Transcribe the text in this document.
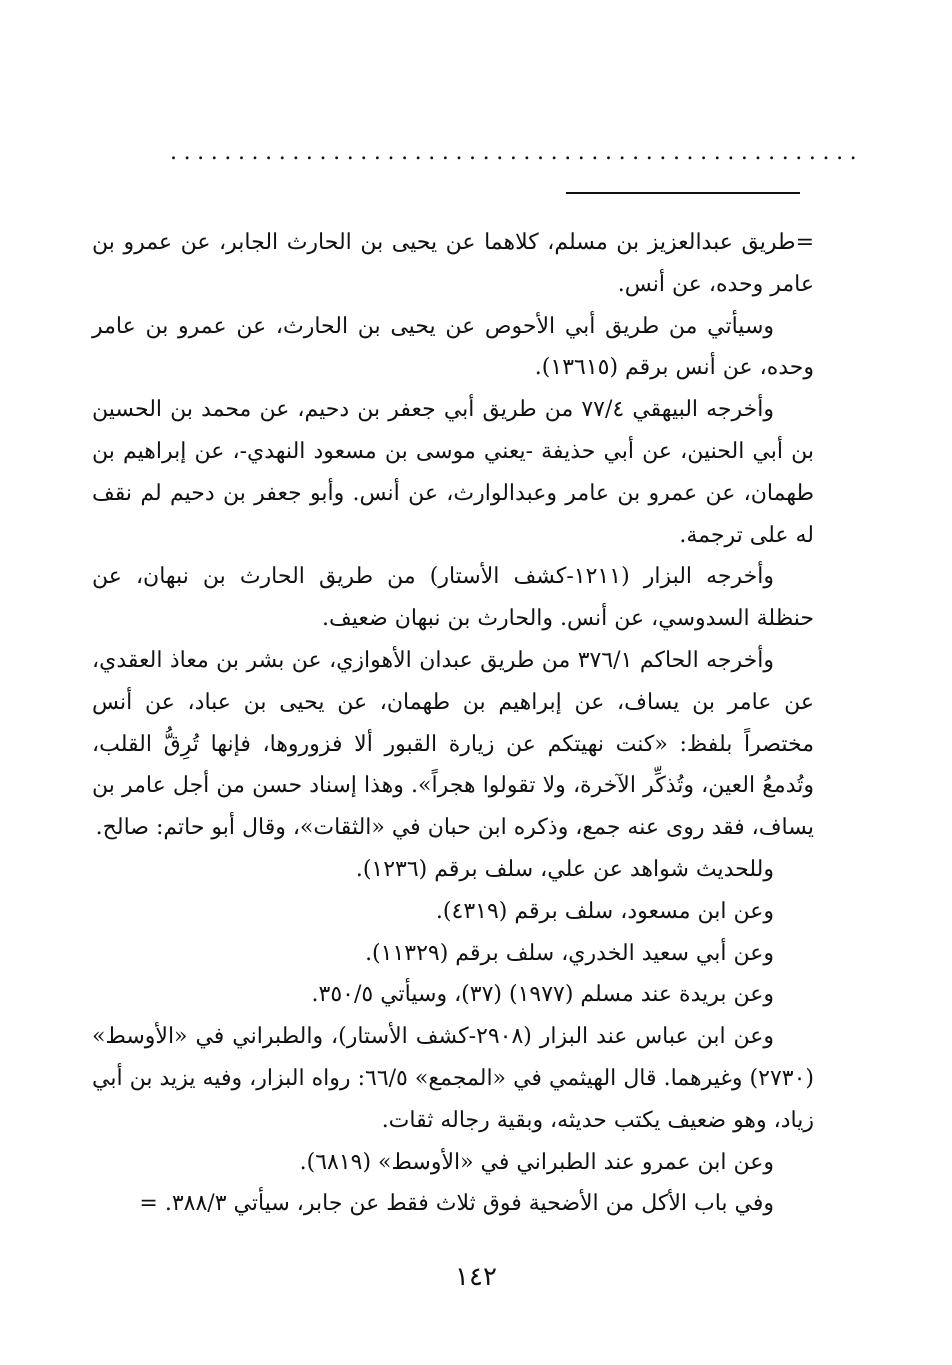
...................................................

=طريق عبدالعزيز بن مسلم، كلاهما عن يحيى بن الحارث الجابر، عن عمرو بن عامر وحده، عن أنس.

وسيأتي من طريق أبي الأحوص عن يحيى بن الحارث، عن عمرو بن عامر وحده، عن أنس برقم (١٣٦١٥).

وأخرجه البيهقي ٧٧/٤ من طريق أبي جعفر بن دحيم، عن محمد بن الحسين بن أبي الحنين، عن أبي حذيفة -يعني موسى بن مسعود النهدي-، عن إبراهيم بن طهمان، عن عمرو بن عامر وعبدالوارث، عن أنس. وأبو جعفر بن دحيم لم نقف له على ترجمة.

وأخرجه البزار (١٢١١-كشف الأستار) من طريق الحارث بن نبهان، عن حنظلة السدوسي، عن أنس. والحارث بن نبهان ضعيف.

وأخرجه الحاكم ٣٧٦/١ من طريق عبدان الأهوازي، عن بشر بن معاذ العقدي، عن عامر بن يساف، عن إبراهيم بن طهمان، عن يحيى بن عباد، عن أنس مختصراً بلفظ: «كنت نهيتكم عن زيارة القبور ألا فزوروها، فإنها تُرِقُّ القلب، وتُدمعُ العين، وتُذكِّر الآخرة، ولا تقولوا هجراً». وهذا إسناد حسن من أجل عامر بن يساف، فقد روى عنه جمع، وذكره ابن حبان في «الثقات»، وقال أبو حاتم: صالح.

وللحديث شواهد عن علي، سلف برقم (١٢٣٦).

وعن ابن مسعود، سلف برقم (٤٣١٩).

وعن أبي سعيد الخدري، سلف برقم (١١٣٢٩).

وعن بريدة عند مسلم (١٩٧٧) (٣٧)، وسيأتي ٣٥٠/٥.

وعن ابن عباس عند البزار (٢٩٠٨-كشف الأستار)، والطبراني في «الأوسط» (٢٧٣٠) وغيرهما. قال الهيثمي في «المجمع» ٦٦/٥: رواه البزار، وفيه يزيد بن أبي زياد، وهو ضعيف يكتب حديثه، وبقية رجاله ثقات.

وعن ابن عمرو عند الطبراني في «الأوسط» (٦٨١٩).

وفي باب الأكل من الأضحية فوق ثلاث فقط عن جابر، سيأتي ٣٨٨/٣. =

١٤٢
